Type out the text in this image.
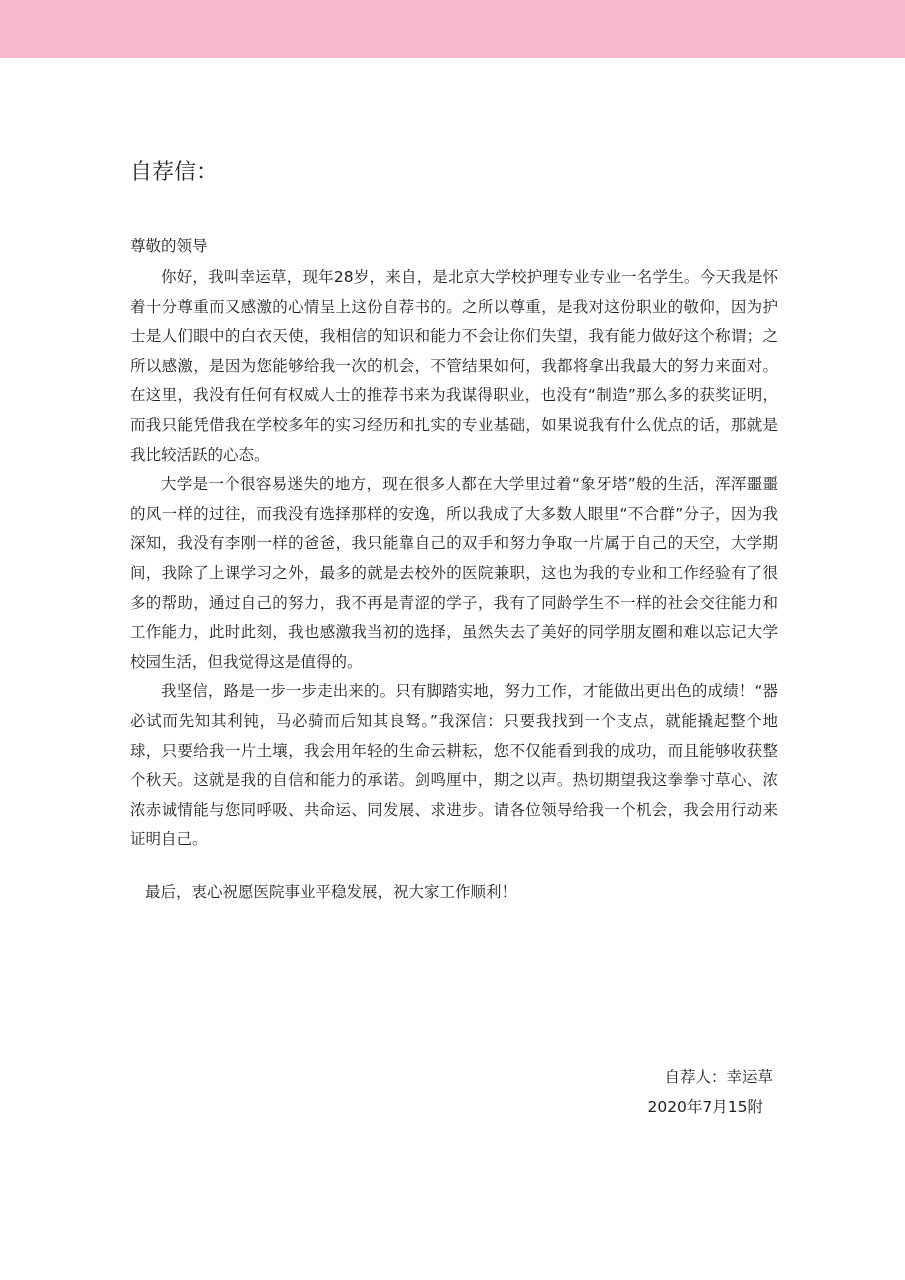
自荐信：
尊敬的领导

你好，我叫幸运草，现年28岁，来自，是北京大学校护理专业专业一名学生。今天我是怀着十分尊重而又感激的心情呈上这份自荐书的。之所以尊重，是我对这份职业的敬仰，因为护士是人们眼中的白衣天使，我相信的知识和能力不会让你们失望，我有能力做好这个称谓；之所以感激，是因为您能够给我一次的机会，不管结果如何，我都将拿出我最大的努力来面对。在这里，我没有任何有权威人士的推荐书来为我谋得职业，也没有“制造”那么多的获奖证明，而我只能凭借我在学校多年的实习经历和扎实的专业基础，如果说我有什么优点的话，那就是我比较活跃的心态。

大学是一个很容易迷失的地方，现在很多人都在大学里过着“象牙塔”般的生活，浑浑噩噩的风一样的过往，而我没有选择那样的安逸，所以我成了大多数人眼里“不合群”分子，因为我深知，我没有李刚一样的爸爸，我只能靠自己的双手和努力争取一片属于自己的天空，大学期间，我除了上课学习之外，最多的就是去校外的医院兼职，这也为我的专业和工作经验有了很多的帮助，通过自己的努力，我不再是青涩的学子，我有了同龄学生不一样的社会交往能力和工作能力，此时此刻，我也感激我当初的选择，虽然失去了美好的同学朋友圈和难以忘记大学校园生活，但我觉得这是值得的。

我坚信，路是一步一步走出来的。只有脚踏实地，努力工作，才能做出更出色的成绩！“器必试而先知其利钝，马必骑而后知其良驽。”我深信：只要我找到一个支点，就能撬起整个地球，只要给我一片土壤，我会用年轻的生命云耕耘，您不仅能看到我的成功，而且能够收获整个秋天。这就是我的自信和能力的承诺。剑鸣厘中，期之以声。热切期望我这拳拳寸草心、浓浓赤诚情能与您同呼吸、共命运、同发展、求进步。请各位领导给我一个机会，我会用行动来证明自己。

最后，衷心祝愿医院事业平稳发展，祝大家工作顺利！
自荐人：幸运草
2020年7月15附
